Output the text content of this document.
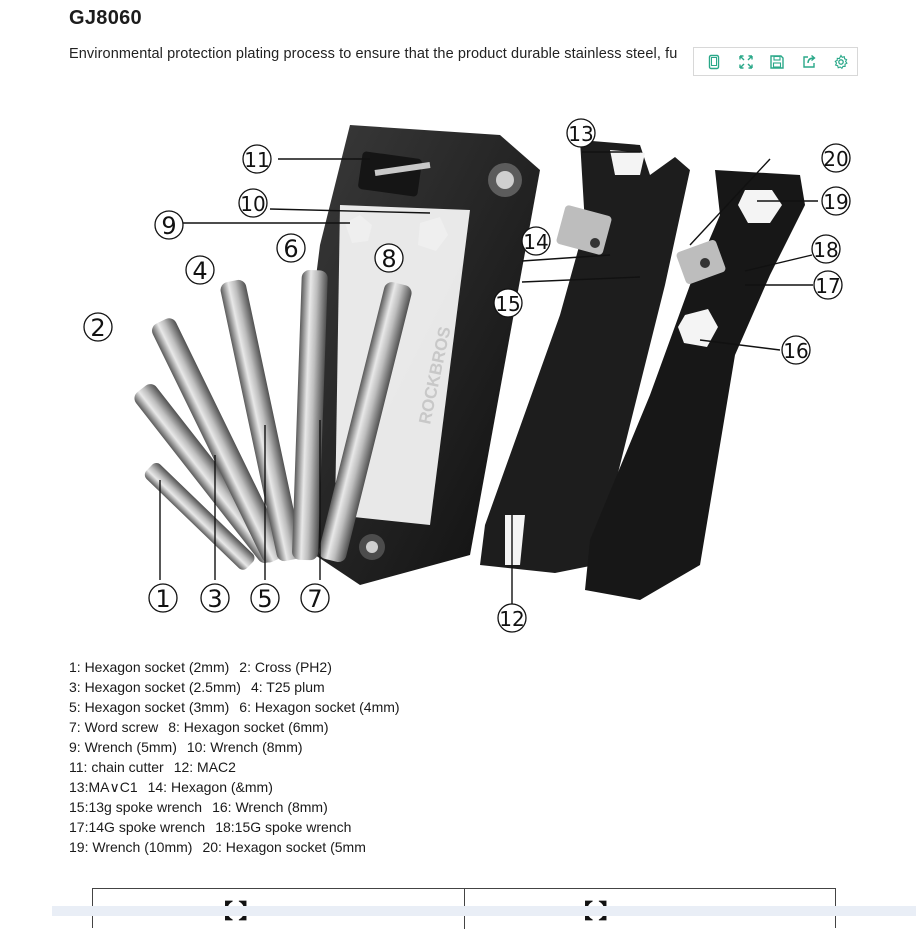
GJ8060
Environmental protection plating process to ensure that the product durable stainless steel, fu
ROCKBROS
1
2
3
4
5
6
7
8
9
10
11
12
13
14
15
16
17
18
19
20
1: Hexagon socket (2mm) 2: Cross (PH2)
3: Hexagon socket (2.5mm) 4: T25 plum
5: Hexagon socket (3mm) 6: Hexagon socket (4mm)
7: Word screw 8: Hexagon socket (6mm)
9: Wrench (5mm) 10: Wrench (8mm)
11: chain cutter 12: MAC2
13:MA∨C1 14: Hexagon (&mm)
15:13g spoke wrench 16: Wrench (8mm)
17:14G spoke wrench 18:15G spoke wrench
19: Wrench (10mm) 20: Hexagon socket (5mm
